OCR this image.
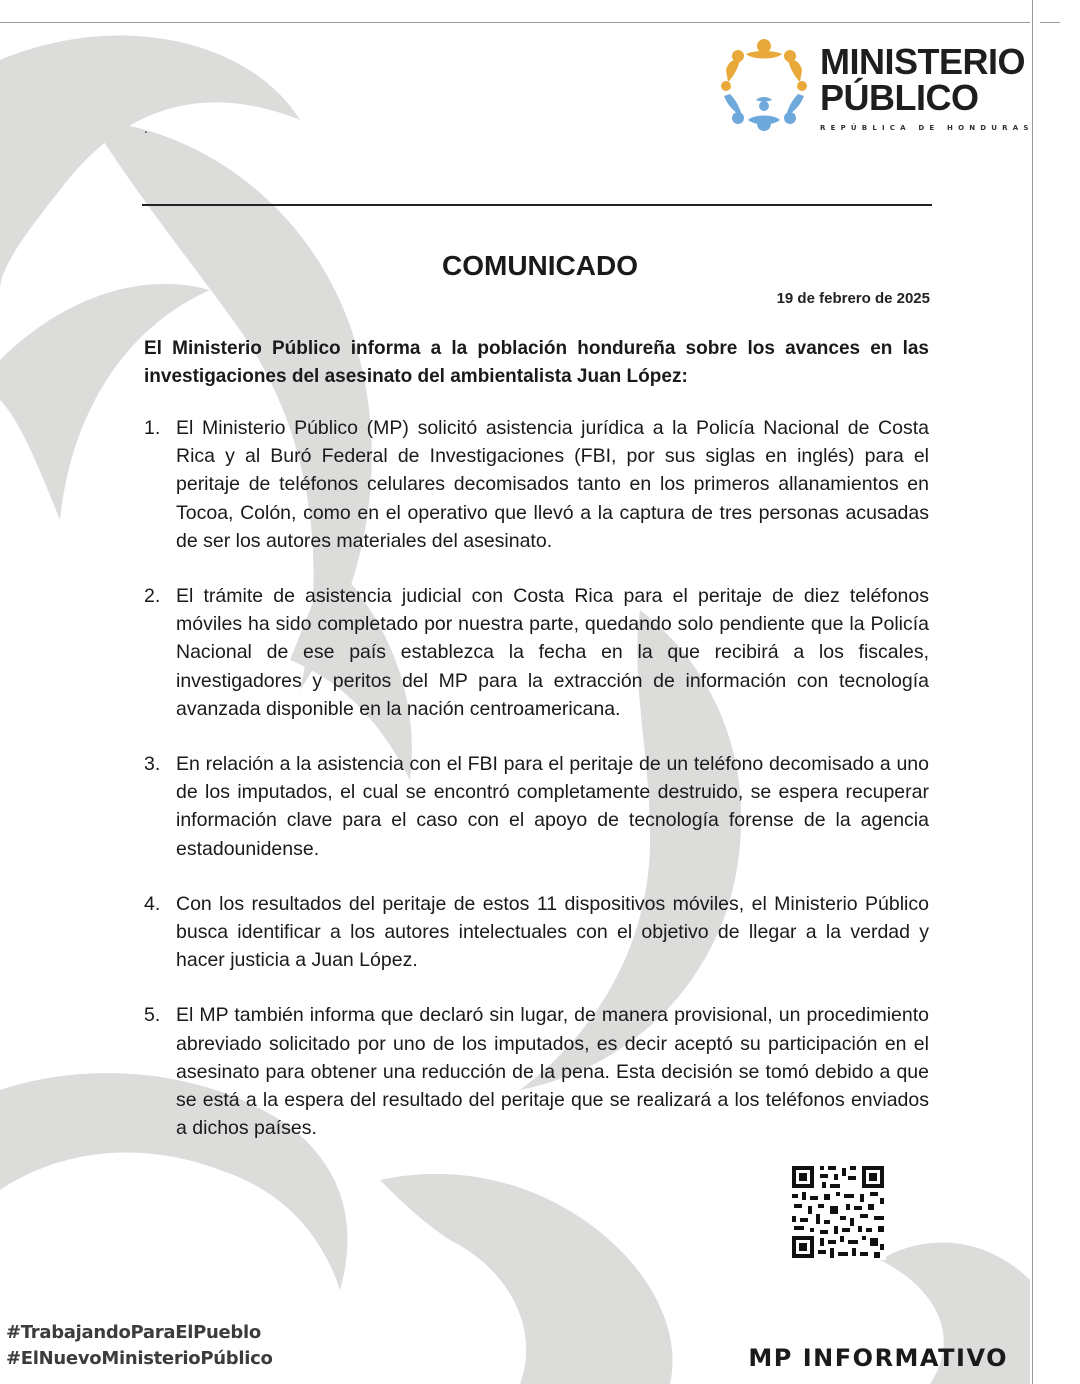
.
MINISTERIO
PÚBLICO
REPÚBLICA DE HONDURAS
COMUNICADO
19 de febrero de 2025
El Ministerio Público informa a la población hondureña sobre los avances en las investigaciones del asesinato del ambientalista Juan López:
1. El Ministerio Público (MP) solicitó asistencia jurídica a la Policía Nacional de Costa Rica y al Buró Federal de Investigaciones (FBI, por sus siglas en inglés) para el peritaje de teléfonos celulares decomisados tanto en los primeros allanamientos en Tocoa, Colón, como en el operativo que llevó a la captura de tres personas acusadas de ser los autores materiales del asesinato.
2. El trámite de asistencia judicial con Costa Rica para el peritaje de diez teléfonos móviles ha sido completado por nuestra parte, quedando solo pendiente que la Policía Nacional de ese país establezca la fecha en la que recibirá a los fiscales, investigadores y peritos del MP para la extracción de información con tecnología avanzada disponible en la nación centroamericana.
3. En relación a la asistencia con el FBI para el peritaje de un teléfono decomisado a uno de los imputados, el cual se encontró completamente destruido, se espera recuperar información clave para el caso con el apoyo de tecnología forense de la agencia estadounidense.
4. Con los resultados del peritaje de estos 11 dispositivos móviles, el Ministerio Público busca identificar a los autores intelectuales con el objetivo de llegar a la verdad y hacer justicia a Juan López.
5. El MP también informa que declaró sin lugar, de manera provisional, un procedimiento abreviado solicitado por uno de los imputados, es decir aceptó su participación en el asesinato para obtener una reducción de la pena. Esta decisión se tomó debido a que se está a la espera del resultado del peritaje que se realizará a los teléfonos enviados a dichos países.
#TrabajandoParaElPueblo
#ElNuevoMinisterioPúblico	MP INFORMATIVO
